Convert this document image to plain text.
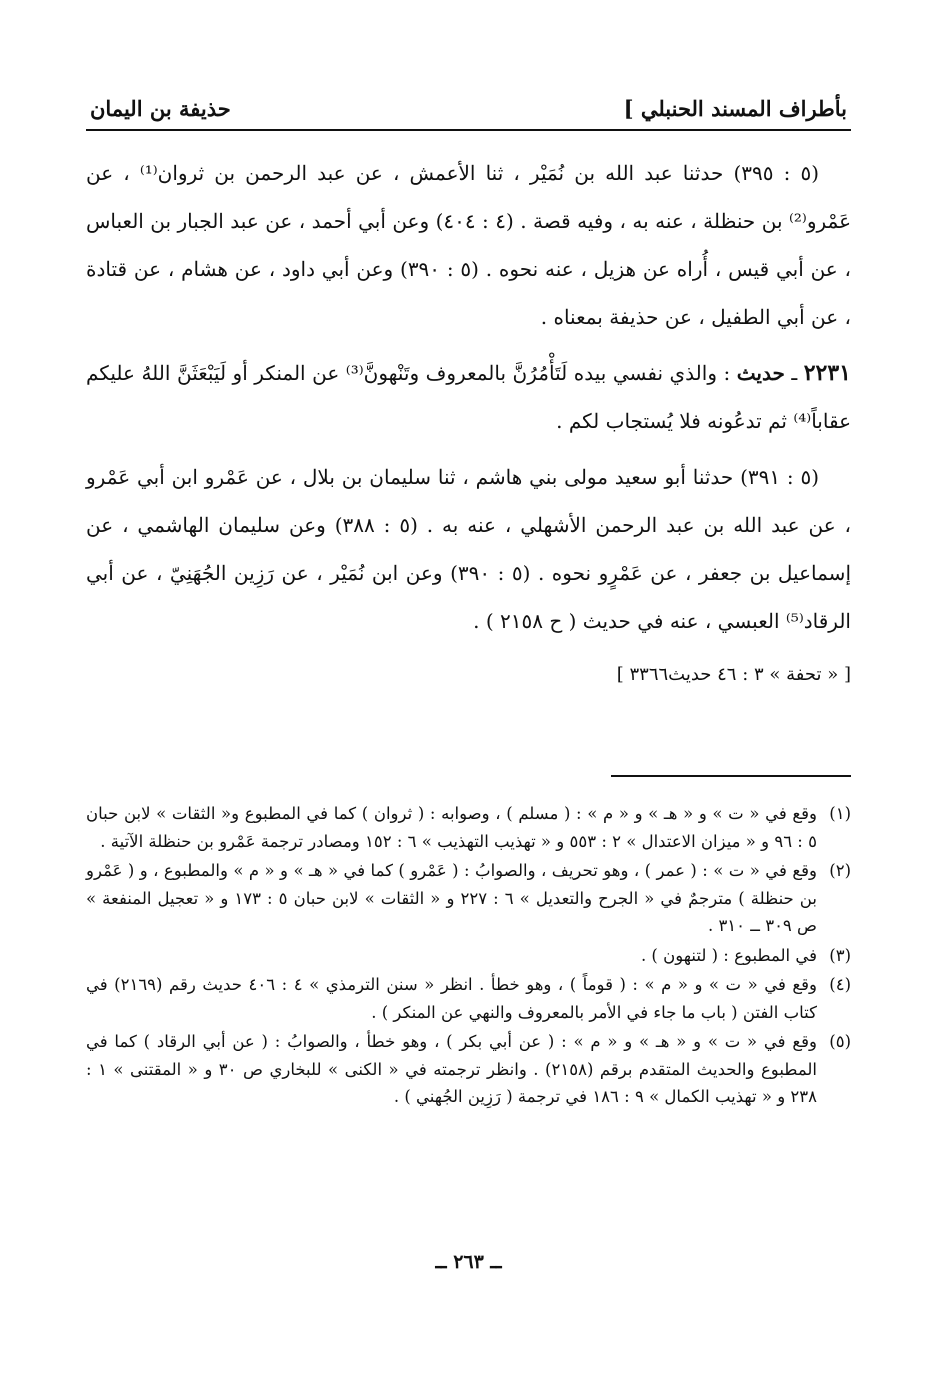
بأطراف المسند الحنبلي ]
حذيفة بن اليمان

(٥ : ٣٩٥) حدثنا عبد الله بن نُمَيْر ، ثنا الأعمش ، عن عبد الرحمن بن ثروان⁽¹⁾ ، عن عَمْرو⁽²⁾ بن حنظلة ، عنه به ، وفيه قصة . (٤ : ٤٠٤) وعن أبي أحمد ، عن عبد الجبار بن العباس ، عن أبي قيس ، أُراه عن هزيل ، عنه نحوه . (٥ : ٣٩٠) وعن أبي داود ، عن هشام ، عن قتادة ، عن أبي الطفيل ، عن حذيفة بمعناه .

٢٢٣١ ـ حديث : والذي نفسي بيده لَتَأْمُرُنَّ بالمعروف وتَنْهونَّ⁽³⁾ عن المنكر أو لَيَبْعَثَنَّ اللهُ عليكم عقاباً⁽⁴⁾ ثم تدعُونه فلا يُستجاب لكم .

(٥ : ٣٩١) حدثنا أبو سعيد مولى بني هاشم ، ثنا سليمان بن بلال ، عن عَمْرو ابن أبي عَمْرو ، عن عبد الله بن عبد الرحمن الأشهلي ، عنه به . (٥ : ٣٨٨) وعن سليمان الهاشمي ، عن إسماعيل بن جعفر ، عن عَمْرٍو نحوه . (٥ : ٣٩٠) وعن ابن نُمَيْر ، عن رَزِين الجُهَنِيّ ، عن أبي الرقاد⁽⁵⁾ العبسي ، عنه في حديث ( ح ٢١٥٨ ) .

[ « تحفة » ٣ : ٤٦ حديث٣٣٦٦ ]
(١)
وقع في « ت » و « هـ » و « م » : ( مسلم ) ، وصوابه : ( ثروان ) كما في المطبوع و« الثقات » لابن حبان ٥ : ٩٦ و « ميزان الاعتدال » ٢ : ٥٥٣ و « تهذيب التهذيب » ٦ : ١٥٢ ومصادر ترجمة عَمْرو بن حنظلة الآتية .
(٢)
وقع في « ت » : ( عمر ) ، وهو تحريف ، والصوابُ : ( عَمْرو ) كما في « هـ » و « م » والمطبوع ، و ( عَمْرو بن حنظلة ) مترجمٌ في « الجرح والتعديل » ٦ : ٢٢٧ و « الثقات » لابن حبان ٥ : ١٧٣ و « تعجيل المنفعة » ص ٣٠٩ ــ ٣١٠ .
(٣)
في المطبوع : ( لتنهون ) .
(٤)
وقع في « ت » و « م » : ( قوماً ) ، وهو خطأ . انظر « سنن الترمذي » ٤ : ٤٠٦ حديث رقم (٢١٦٩) في كتاب الفتن ( باب ما جاء في الأمر بالمعروف والنهي عن المنكر ) .
(٥)
وقع في « ت » و « هـ » و « م » : ( عن أبي بكر ) ، وهو خطأ ، والصوابُ : ( عن أبي الرقاد ) كما في المطبوع والحديث المتقدم برقم (٢١٥٨) . وانظر ترجمته في « الكنى » للبخاري ص ٣٠ و « المقتنى » ١ : ٢٣٨ و « تهذيب الكمال » ٩ : ١٨٦ في ترجمة ( رَزِين الجُهني ) .
ــ ٢٦٣ ــ
